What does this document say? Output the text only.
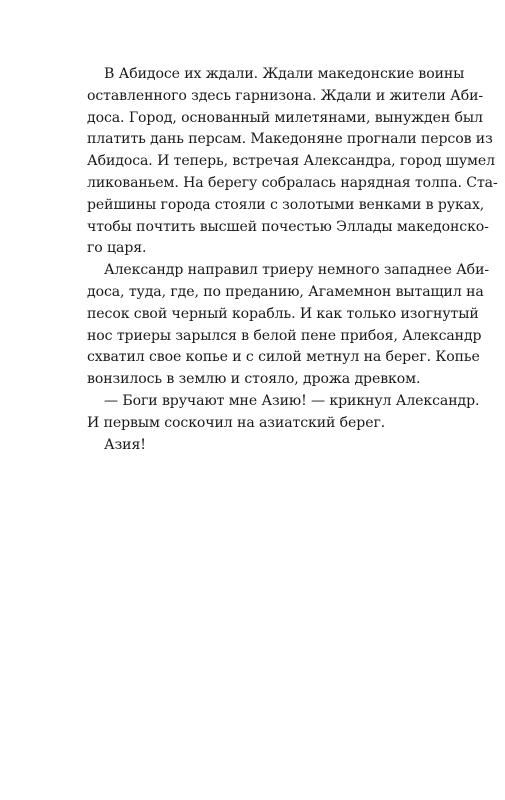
В Абидосе их ждали. Ждали македонские воины
оставленного здесь гарнизона. Ждали и жители Аби-
доса. Город, основанный милетянами, вынужден был
платить дань персам. Македоняне прогнали персов из
Абидоса. И теперь, встречая Александра, город шумел
ликованьем. На берегу собралась нарядная толпа. Ста-
рейшины города стояли с золотыми венками в руках,
чтобы почтить высшей почестью Эллады македонско-
го царя.
Александр направил триеру немного западнее Аби-
доса, туда, где, по преданию, Агамемнон вытащил на
песок свой черный корабль. И как только изогнутый
нос триеры зарылся в белой пене прибоя, Александр
схватил свое копье и с силой метнул на берег. Копье
вонзилось в землю и стояло, дрожа древком.
— Боги вручают мне Азию! — крикнул Александр.
И первым соскочил на азиатский берег.
Азия!
